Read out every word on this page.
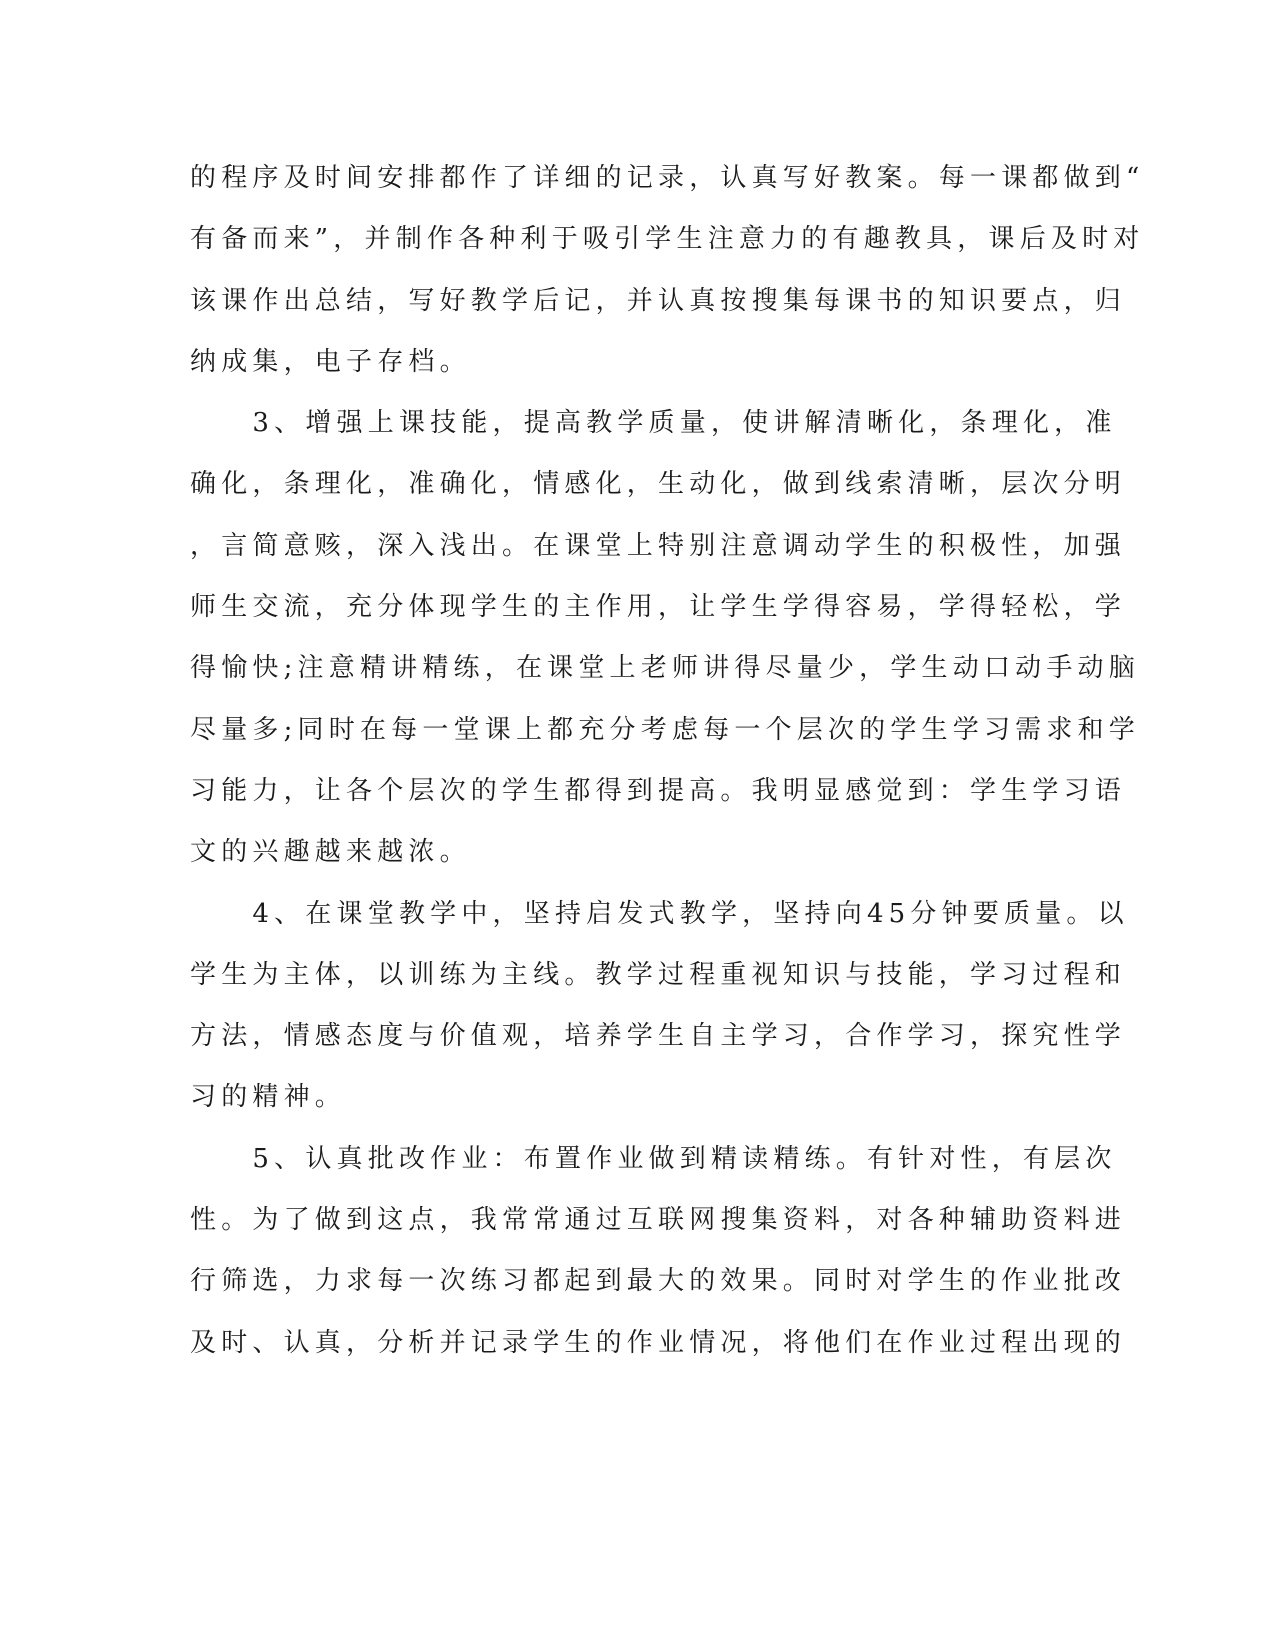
的程序及时间安排都作了详细的记录，认真写好教案。每一课都做到“
有备而来”，并制作各种利于吸引学生注意力的有趣教具，课后及时对
该课作出总结，写好教学后记，并认真按搜集每课书的知识要点，归
纳成集，电子存档。
　　3、增强上课技能，提高教学质量，使讲解清晰化，条理化，准
确化，条理化，准确化，情感化，生动化，做到线索清晰，层次分明
，言简意赅，深入浅出。在课堂上特别注意调动学生的积极性，加强
师生交流，充分体现学生的主作用，让学生学得容易，学得轻松，学
得愉快;注意精讲精练，在课堂上老师讲得尽量少，学生动口动手动脑
尽量多;同时在每一堂课上都充分考虑每一个层次的学生学习需求和学
习能力，让各个层次的学生都得到提高。我明显感觉到：学生学习语
文的兴趣越来越浓。
　　4、在课堂教学中，坚持启发式教学，坚持向45分钟要质量。以
学生为主体，以训练为主线。教学过程重视知识与技能，学习过程和
方法，情感态度与价值观，培养学生自主学习，合作学习，探究性学
习的精神。
　　5、认真批改作业：布置作业做到精读精练。有针对性，有层次
性。为了做到这点，我常常通过互联网搜集资料，对各种辅助资料进
行筛选，力求每一次练习都起到最大的效果。同时对学生的作业批改
及时、认真，分析并记录学生的作业情况，将他们在作业过程出现的
